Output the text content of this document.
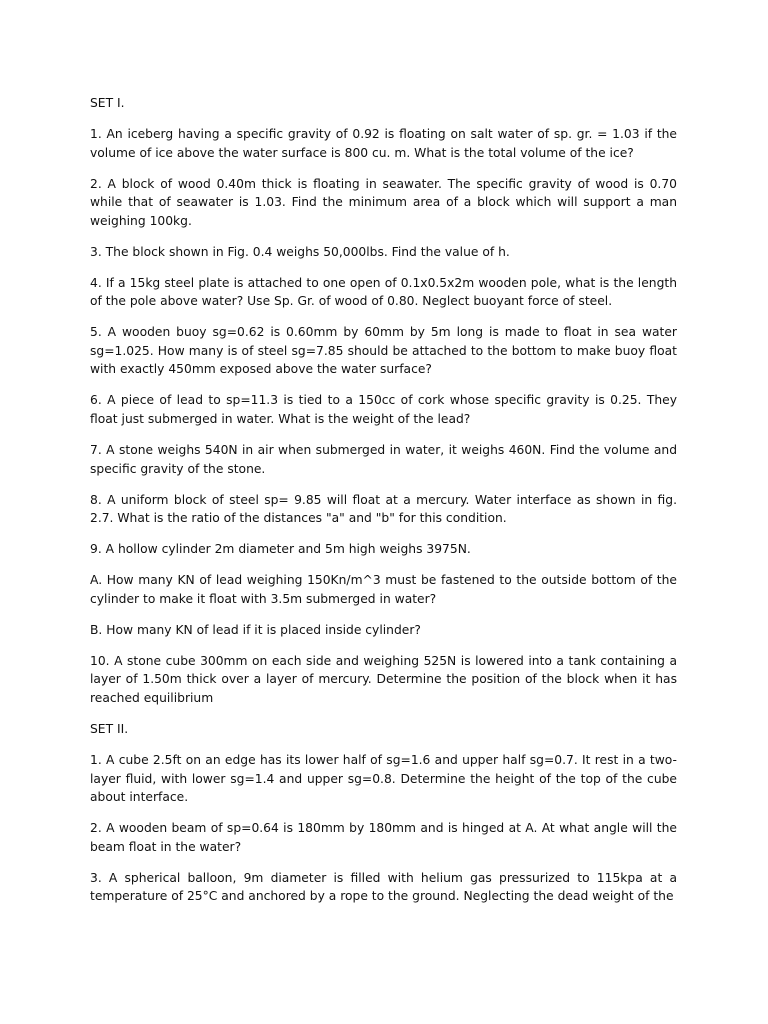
SET I.

1. An iceberg having a specific gravity of 0.92 is floating on salt water of sp. gr. = 1.03 if the volume of ice above the water surface is 800 cu. m. What is the total volume of the ice?

2. A block of wood 0.40m thick is floating in seawater. The specific gravity of wood is 0.70 while that of seawater is 1.03. Find the minimum area of a block which will support a man weighing 100kg.

3. The block shown in Fig. 0.4 weighs 50,000lbs. Find the value of h.

4. If a 15kg steel plate is attached to one open of 0.1x0.5x2m wooden pole, what is the length of the pole above water? Use Sp. Gr. of wood of 0.80. Neglect buoyant force of steel.

5. A wooden buoy sg=0.62 is 0.60mm by 60mm by 5m long is made to float in sea water sg=1.025. How many is of steel sg=7.85 should be attached to the bottom to make buoy float with exactly 450mm exposed above the water surface?

6. A piece of lead to sp=11.3 is tied to a 150cc of cork whose specific gravity is 0.25. They float just submerged in water. What is the weight of the lead?

7. A stone weighs 540N in air when submerged in water, it weighs 460N. Find the volume and specific gravity of the stone.

8. A uniform block of steel sp= 9.85 will float at a mercury. Water interface as shown in fig. 2.7. What is the ratio of the distances "a" and "b" for this condition.

9. A hollow cylinder 2m diameter and 5m high weighs 3975N.

A. How many KN of lead weighing 150Kn/m^3 must be fastened to the outside bottom of the cylinder to make it float with 3.5m submerged in water?

B. How many KN of lead if it is placed inside cylinder?

10. A stone cube 300mm on each side and weighing 525N is lowered into a tank containing a layer of 1.50m thick over a layer of mercury. Determine the position of the block when it has reached equilibrium

SET II.

1. A cube 2.5ft on an edge has its lower half of sg=1.6 and upper half sg=0.7. It rest in a two-layer fluid, with lower sg=1.4 and upper sg=0.8. Determine the height of the top of the cube about interface.

2. A wooden beam of sp=0.64 is 180mm by 180mm and is hinged at A. At what angle will the beam float in the water?

3. A spherical balloon, 9m diameter is filled with helium gas pressurized to 115kpa at a temperature of 25°C and anchored by a rope to the ground. Neglecting the dead weight of the
